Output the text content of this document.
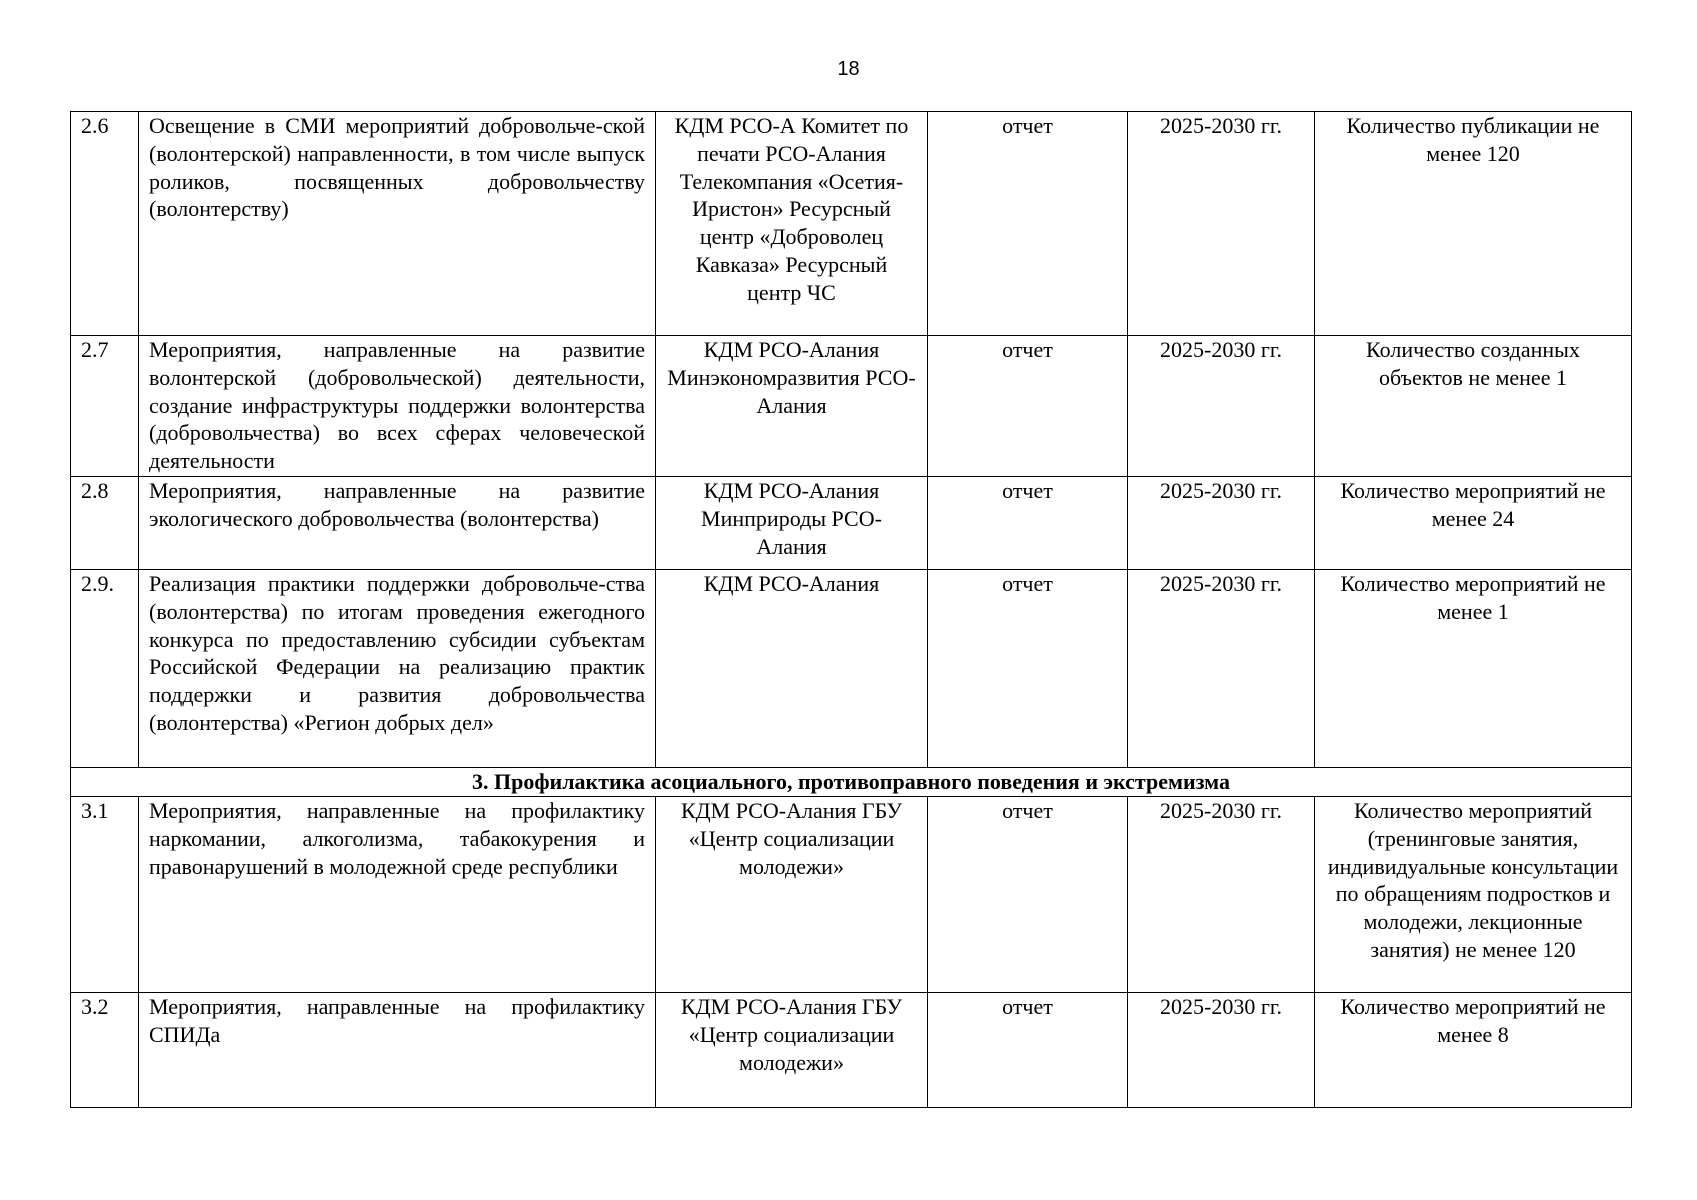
18
2.6	Освещение в СМИ мероприятий добровольче-ской (волонтерской) направленности, в том числе выпуск роликов, посвященных добровольчеству (волонтерству)	КДМ РСО-А Комитет по печати РСО-Алания Телекомпания «Осетия-Иристон» Ресурсный центр «Доброволец Кавказа» Ресурсный центр ЧС	отчет	2025-2030 гг.	Количество публикации не менее 120
2.7	Мероприятия, направленные на развитие волонтерской (добровольческой) деятельности, создание инфраструктуры поддержки волонтерства (добровольчества) во всех сферах человеческой деятельности	КДМ РСО-Алания Минэкономразвития РСО-Алания	отчет	2025-2030 гг.	Количество созданных объектов не менее 1
2.8	Мероприятия, направленные на развитие экологического добровольчества (волонтерства)	КДМ РСО-Алания Минприроды РСО-Алания	отчет	2025-2030 гг.	Количество мероприятий не менее 24
2.9.	Реализация практики поддержки добровольче-ства (волонтерства) по итогам проведения ежегодного конкурса по предоставлению субсидии субъектам Российской Федерации на реализацию практик поддержки и развития добровольчества (волонтерства) «Регион добрых дел»	КДМ РСО-Алания	отчет	2025-2030 гг.	Количество мероприятий не менее 1
3. Профилактика асоциального, противоправного поведения и экстремизма					
3.1	Мероприятия, направленные на профилактику наркомании, алкоголизма, табакокурения и правонарушений в молодежной среде республики	КДМ РСО-Алания ГБУ «Центр социализации молодежи»	отчет	2025-2030 гг.	Количество мероприятий (тренинговые занятия, индивидуальные консультации по обращениям подростков и молодежи, лекционные занятия) не менее 120
3.2	Мероприятия, направленные на профилактику СПИДа	КДМ РСО-Алания ГБУ «Центр социализации молодежи»	отчет	2025-2030 гг.	Количество мероприятий не менее 8
